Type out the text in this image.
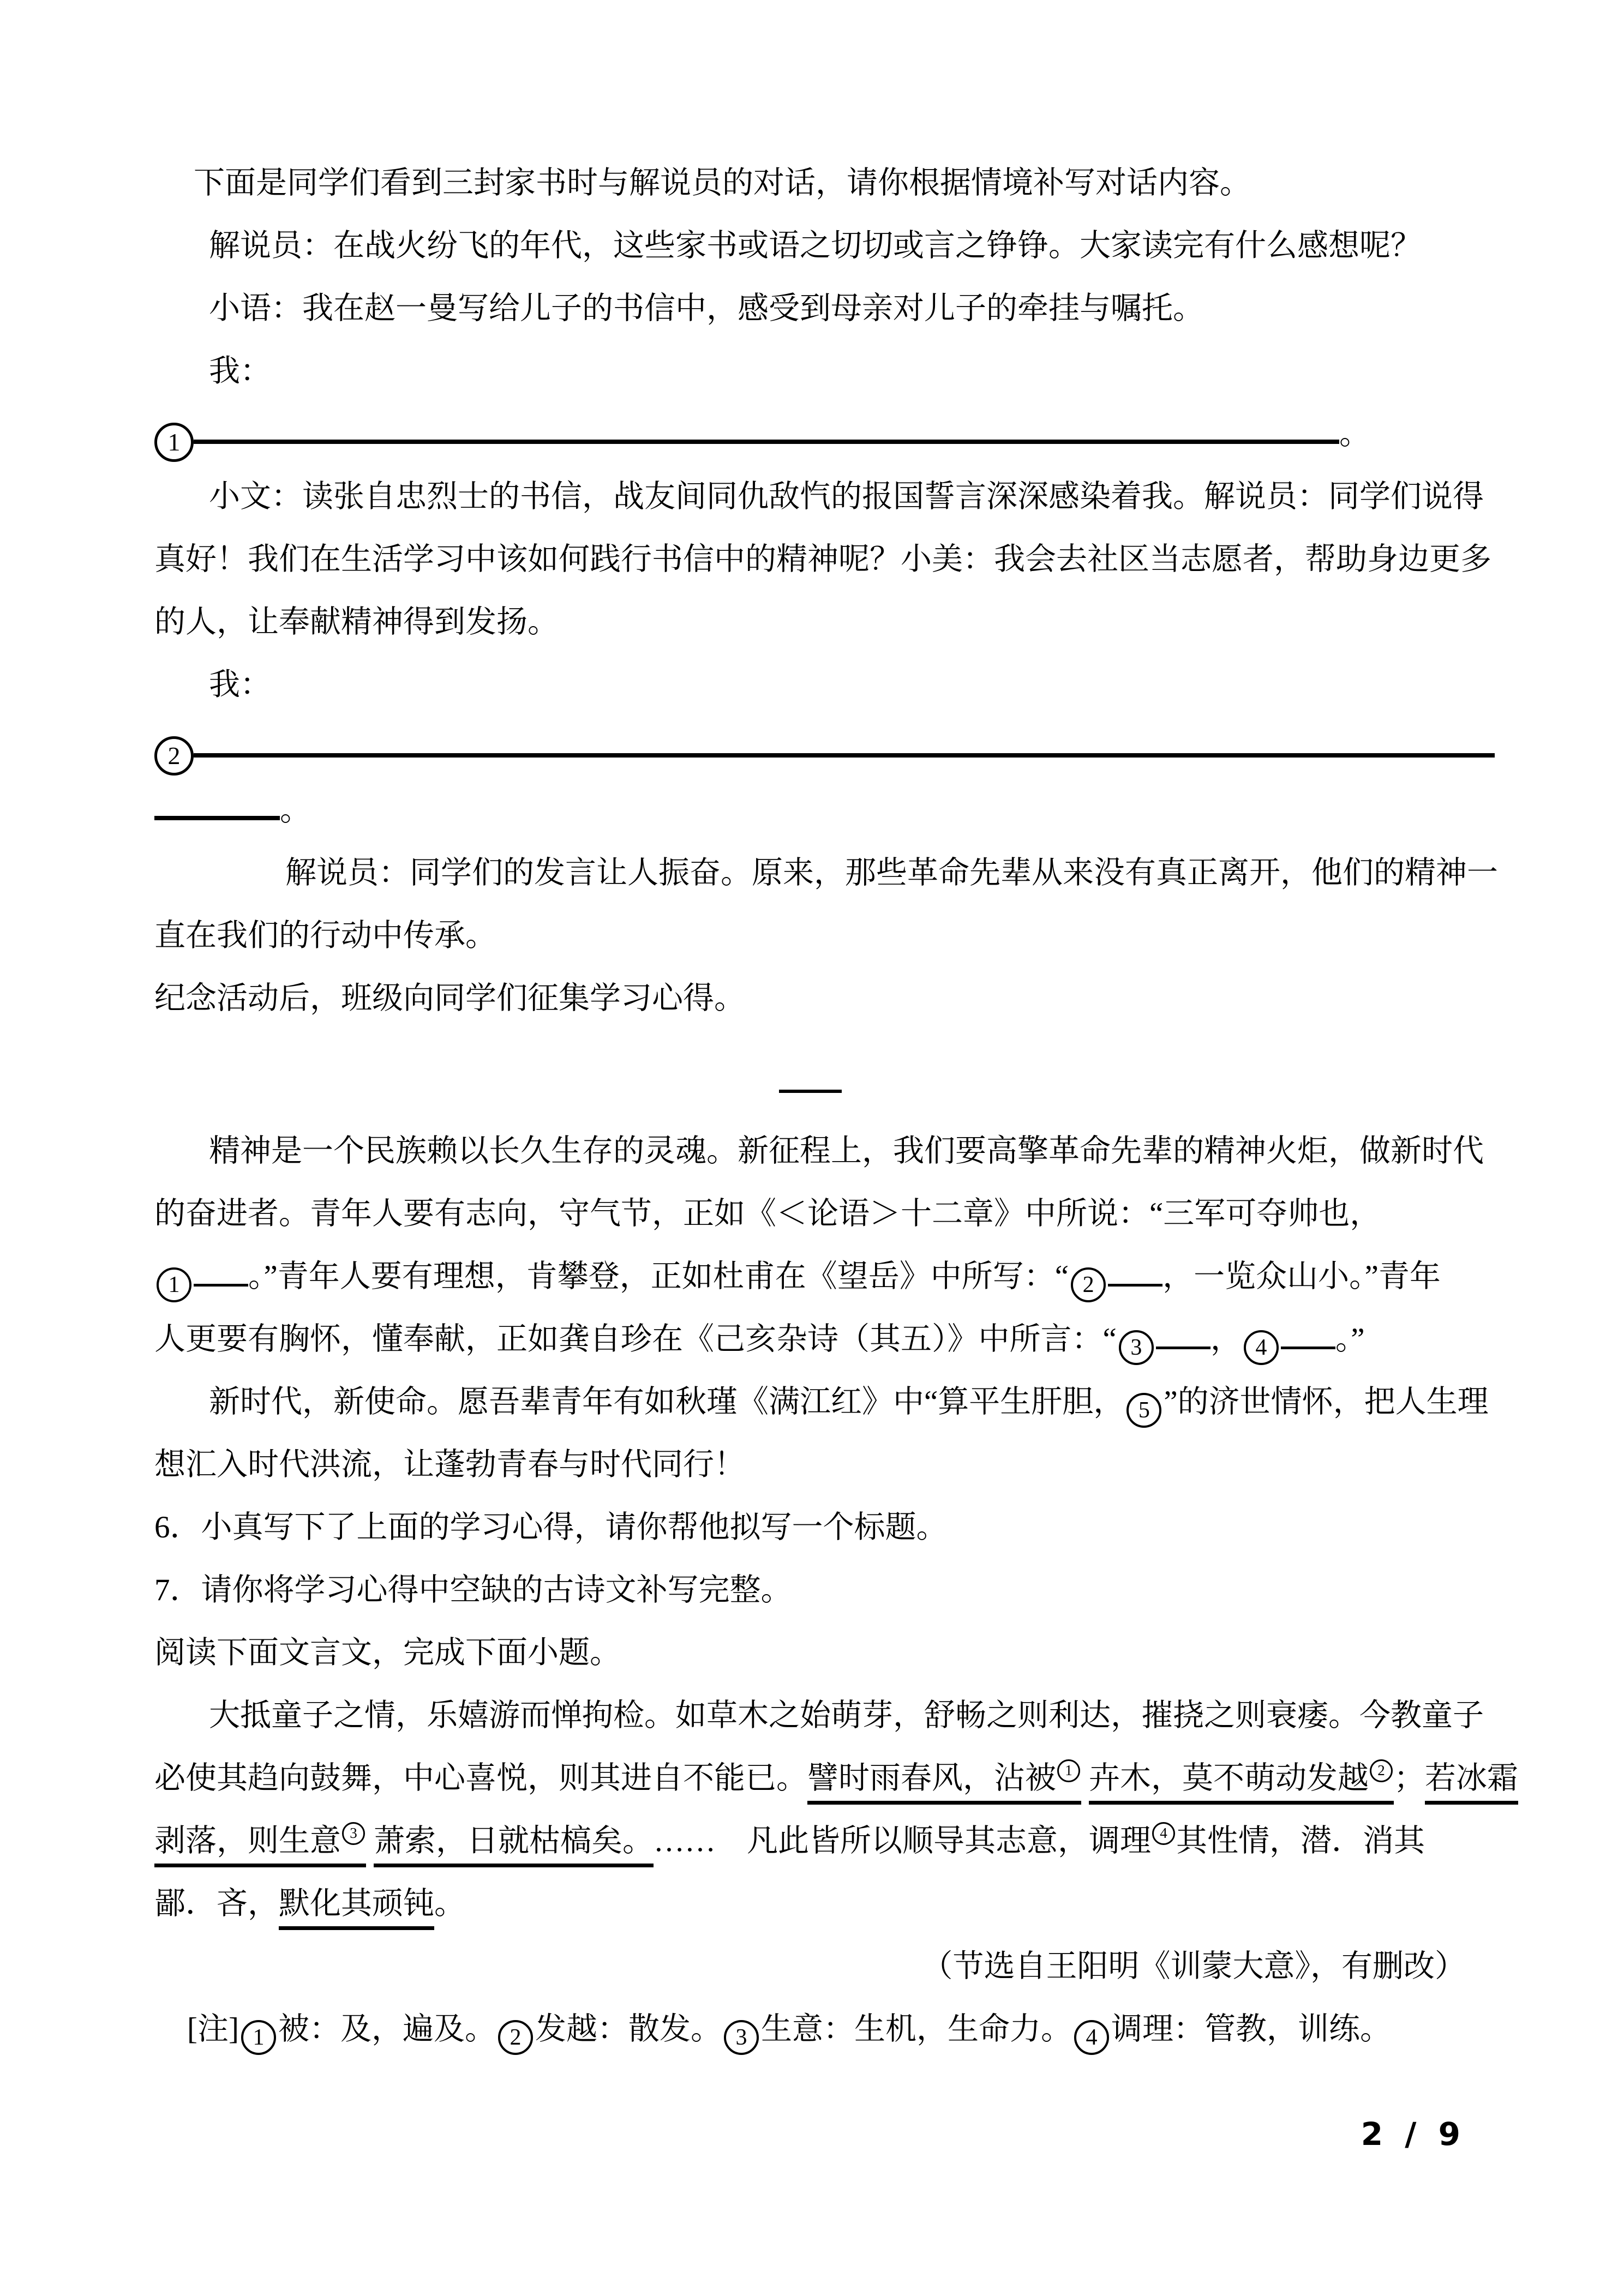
下面是同学们看到三封家书时与解说员的对话，请你根据情境补写对话内容。
解说员：在战火纷飞的年代，这些家书或语之切切或言之铮铮。大家读完有什么感想呢？
小语：我在赵一曼写给儿子的书信中，感受到母亲对儿子的牵挂与嘱托。
我：
1	。
小文：读张自忠烈士的书信，战友间同仇敌忾的报国誓言深深感染着我。解说员：同学们说得
真好！我们在生活学习中该如何践行书信中的精神呢？小美：我会去社区当志愿者，帮助身边更多
的人，让奉献精神得到发扬。
我：
2
。
解说员：同学们的发言让人振奋。原来，那些革命先辈从来没有真正离开，他们的精神一
直在我们的行动中传承。
纪念活动后，班级向同学们征集学习心得。
精神是一个民族赖以长久生存的灵魂。新征程上，我们要高擎革命先辈的精神火炬，做新时代
的奋进者。青年人要有志向，守气节，正如《＜论语＞十二章》中所说：“三军可夺帅也，
1 。”青年人要有理想，肯攀登，正如杜甫在《望岳》中所写：“ 2 ，一览众山小。”青年
人更要有胸怀，懂奉献，正如龚自珍在《己亥杂诗（其五）》中所言：“ 3 ， 4 。”
新时代，新使命。愿吾辈青年有如秋瑾《满江红》中“算平生肝胆， 5 ”的济世情怀，把人生理
想汇入时代洪流，让蓬勃青春与时代同行！
6．小真写下了上面的学习心得，请你帮他拟写一个标题。
7．请你将学习心得中空缺的古诗文补写完整。
阅读下面文言文，完成下面小题。
大抵童子之情，乐嬉游而惮拘检。如草木之始萌芽，舒畅之则利达，摧挠之则衰痿。今教童子
必使其趋向鼓舞，中心喜悦，则其进自不能已。譬时雨春风，沾被 1 卉木，莫不萌动发越 2 ；若冰霜
剥落，则生意 3 萧索，日就枯槁矣。……　凡此皆所以顺导其志意，调理 4 其性情，潜．消其
鄙．吝，默化其顽钝。
（节选自王阳明《训蒙大意》，有删改）
[注] 1 被：及，遍及。 2 发越：散发。 3 生意：生机，生命力。 4 调理：管教，训练。
2 / 9
